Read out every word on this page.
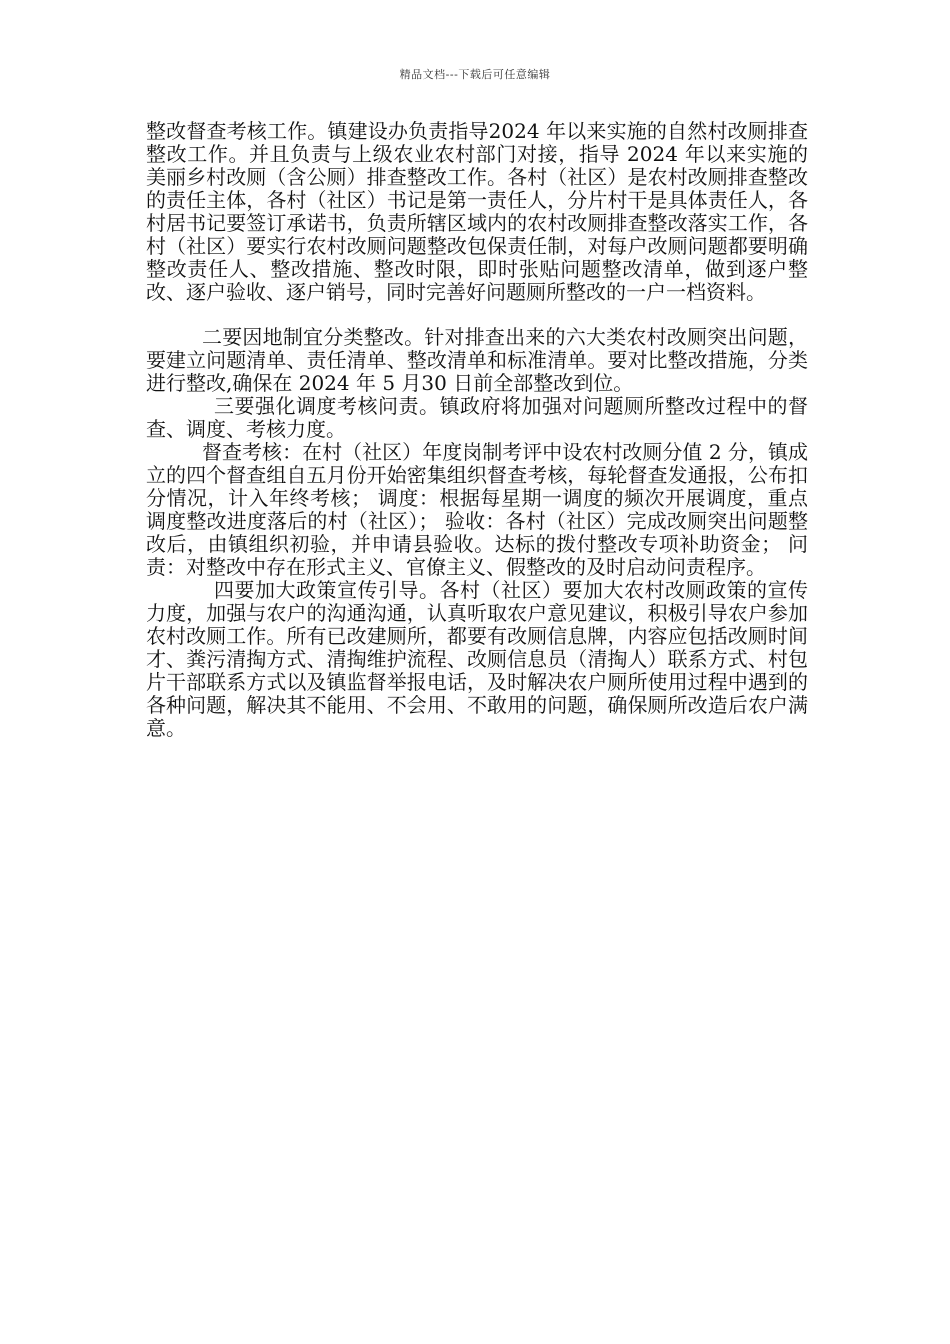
精品文档---下载后可任意编辑

整改督查考核工作。镇建设办负责指导2024 年以来实施的自然村改厕排查整改工作。并且负责与上级农业农村部门对接，指导 2024 年以来实施的美丽乡村改厕（含公厕）排查整改工作。各村（社区）是农村改厕排查整改的责任主体，各村（社区）书记是第一责任人，分片村干是具体责任人，各村居书记要签订承诺书，负责所辖区域内的农村改厕排查整改落实工作，各村（社区）要实行农村改厕问题整改包保责任制，对每户改厕问题都要明确整改责任人、整改措施、整改时限，即时张贴问题整改清单，做到逐户整改、逐户验收、逐户销号，同时完善好问题厕所整改的一户一档资料。

二要因地制宜分类整改。针对排查出来的六大类农村改厕突出问题，要建立问题清单、责任清单、整改清单和标准清单。要对比整改措施，分类进行整改,确保在 2024 年 5 月30 日前全部整改到位。

三要强化调度考核问责。镇政府将加强对问题厕所整改过程中的督查、调度、考核力度。

督查考核：在村（社区）年度岗制考评中设农村改厕分值 2 分，镇成立的四个督查组自五月份开始密集组织督查考核，每轮督查发通报，公布扣分情况，计入年终考核； 调度：根据每星期一调度的频次开展调度，重点调度整改进度落后的村（社区）； 验收：各村（社区）完成改厕突出问题整改后，由镇组织初验，并申请县验收。达标的拨付整改专项补助资金； 问责：对整改中存在形式主义、官僚主义、假整改的及时启动问责程序。

四要加大政策宣传引导。各村（社区）要加大农村改厕政策的宣传力度，加强与农户的沟通沟通，认真听取农户意见建议，积极引导农户参加农村改厕工作。所有已改建厕所，都要有改厕信息牌，内容应包括改厕时间才、粪污清掏方式、清掏维护流程、改厕信息员（清掏人）联系方式、村包片干部联系方式以及镇监督举报电话，及时解决农户厕所使用过程中遇到的各种问题，解决其不能用、不会用、不敢用的问题，确保厕所改造后农户满意。
